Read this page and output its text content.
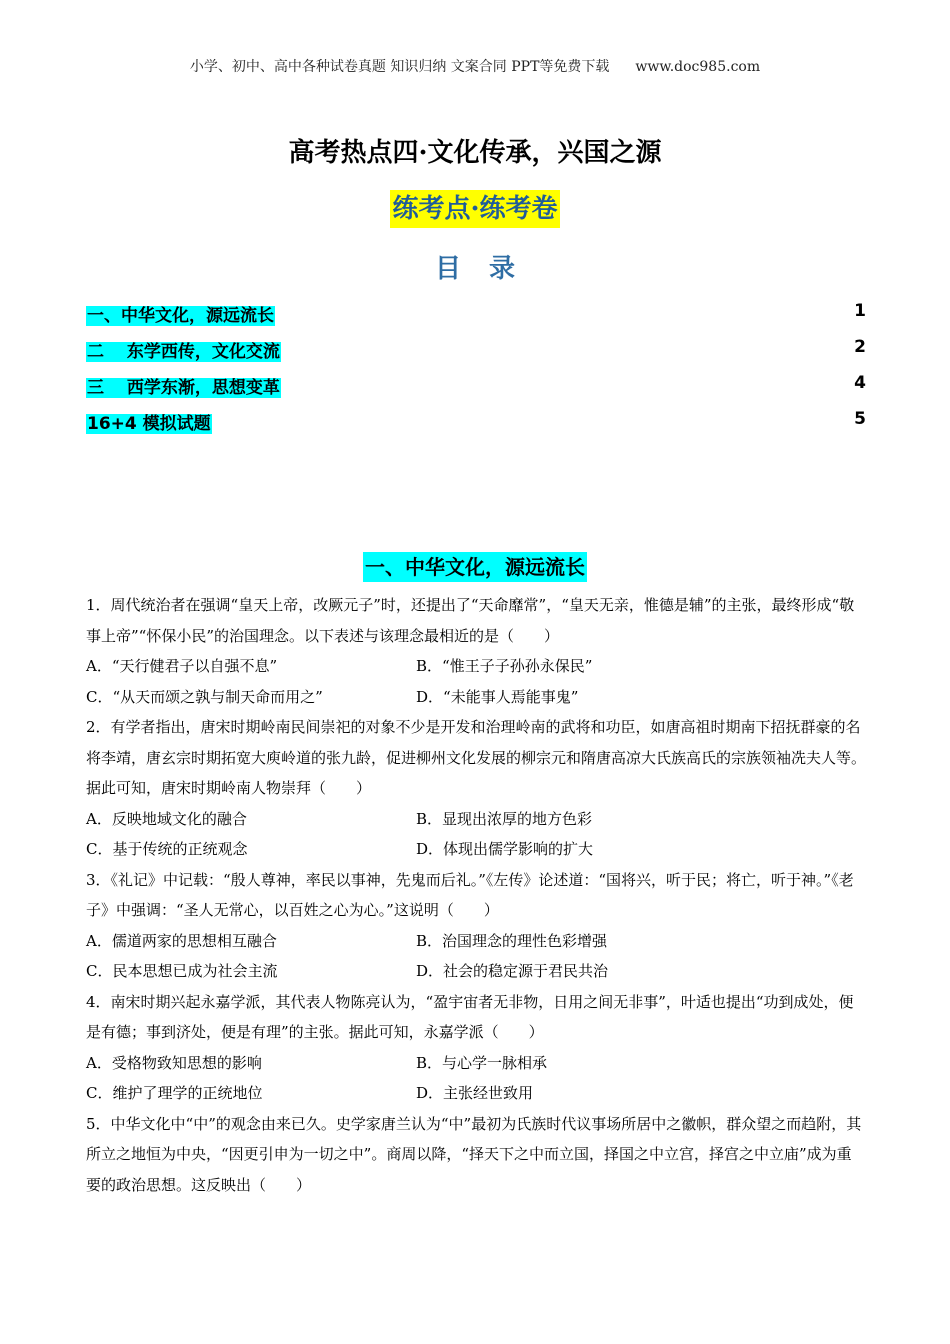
小学、初中、高中各种试卷真题 知识归纳 文案合同 PPT等免费下载 www.doc985.com
高考热点四·文化传承，兴国之源
练考点·练考卷
目录
一、中华文化，源远流长	1
二　 东学西传，文化交流	2
三　 西学东渐，思想变革	4
16+4 模拟试题	5
一、中华文化，源远流长

1．周代统治者在强调“皇天上帝，改厥元子”时，还提出了“天命靡常”，“皇天无亲，惟德是辅”的主张，最终形成“敬事上帝”“怀保小民”的治国理念。以下表述与该理念最相近的是（　　）

A．“天行健君子以自强不息”	B．“惟王子子孙孙永保民”
C．“从天而颂之孰与制天命而用之”	D．“未能事人焉能事鬼”

2．有学者指出，唐宋时期岭南民间崇祀的对象不少是开发和治理岭南的武将和功臣，如唐高祖时期南下招抚群豪的名将李靖，唐玄宗时期拓宽大庾岭道的张九龄，促进柳州文化发展的柳宗元和隋唐高凉大氏族高氏的宗族领袖冼夫人等。据此可知，唐宋时期岭南人物崇拜（　　）

A．反映地域文化的融合	B．显现出浓厚的地方色彩
C．基于传统的正统观念	D．体现出儒学影响的扩大

3．《礼记》中记载：“殷人尊神，率民以事神，先鬼而后礼。”《左传》论述道：“国将兴，听于民；将亡，听于神。”《老子》中强调：“圣人无常心，以百姓之心为心。”这说明（　　）

A．儒道两家的思想相互融合	B．治国理念的理性色彩增强
C．民本思想已成为社会主流	D．社会的稳定源于君民共治

4．南宋时期兴起永嘉学派，其代表人物陈亮认为，“盈宇宙者无非物，日用之间无非事”，叶适也提出“功到成处，便是有德；事到济处，便是有理”的主张。据此可知，永嘉学派（　　）

A．受格物致知思想的影响	B．与心学一脉相承
C．维护了理学的正统地位	D．主张经世致用

5．中华文化中“中”的观念由来已久。史学家唐兰认为“中”最初为氏族时代议事场所居中之徽帜，群众望之而趋附，其所立之地恒为中央，“因更引申为一切之中”。商周以降，“择天下之中而立国，择国之中立宫，择宫之中立庙”成为重要的政治思想。这反映出（　　）
